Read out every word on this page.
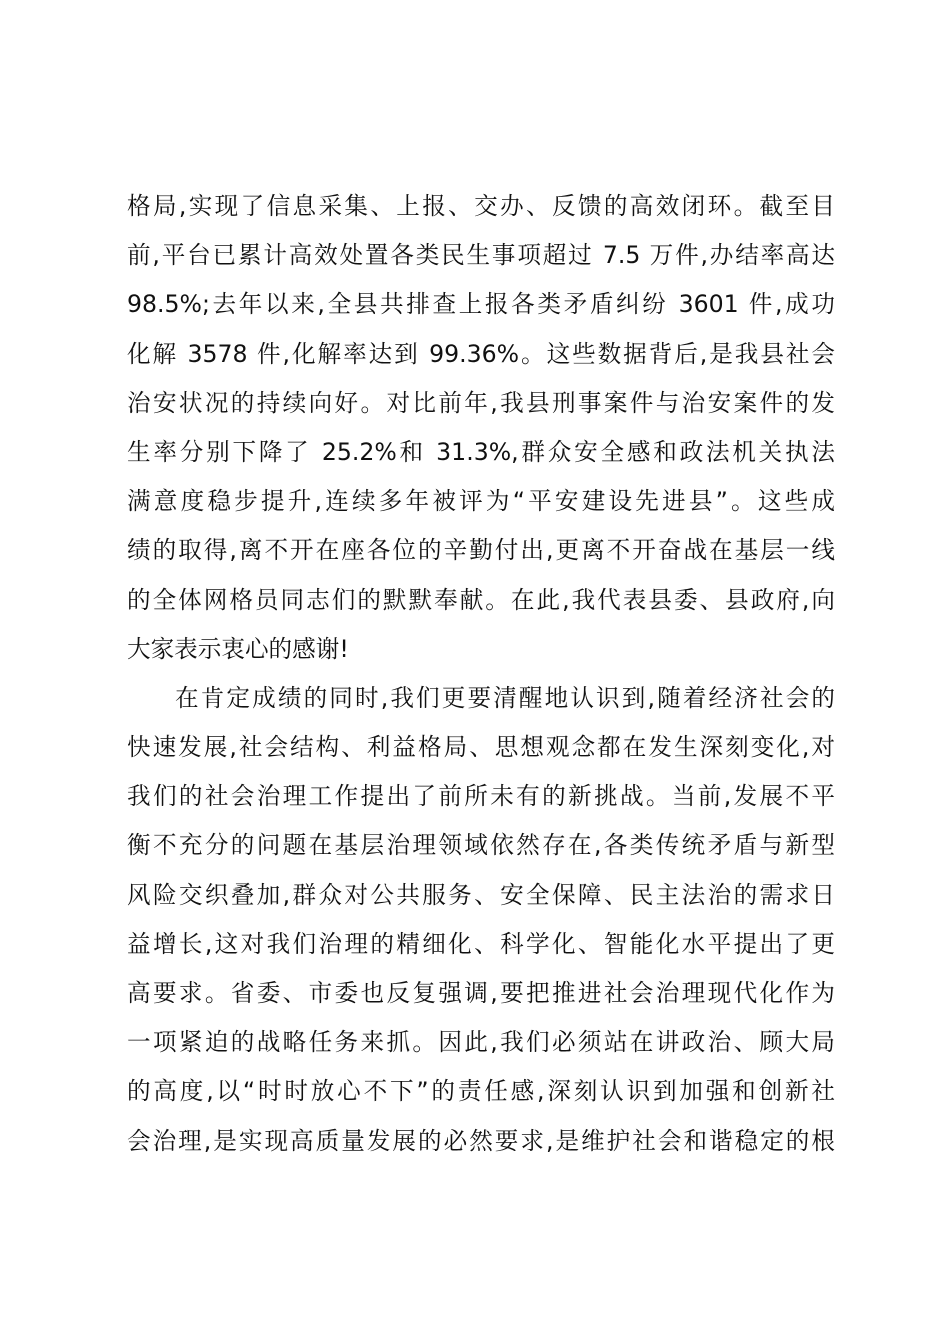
格局,实现了信息采集、上报、交办、反馈的高效闭环。截至目
前,平台已累计高效处置各类民生事项超过 7.5 万件,办结率高达
98.5%;去年以来,全县共排查上报各类矛盾纠纷 3601 件,成功
化解 3578 件,化解率达到 99.36%。这些数据背后,是我县社会
治安状况的持续向好。对比前年,我县刑事案件与治安案件的发
生率分别下降了 25.2%和 31.3%,群众安全感和政法机关执法
满意度稳步提升,连续多年被评为“平安建设先进县”。这些成
绩的取得,离不开在座各位的辛勤付出,更离不开奋战在基层一线
的全体网格员同志们的默默奉献。在此,我代表县委、县政府,向
大家表示衷心的感谢!
在肯定成绩的同时,我们更要清醒地认识到,随着经济社会的
快速发展,社会结构、利益格局、思想观念都在发生深刻变化,对
我们的社会治理工作提出了前所未有的新挑战。当前,发展不平
衡不充分的问题在基层治理领域依然存在,各类传统矛盾与新型
风险交织叠加,群众对公共服务、安全保障、民主法治的需求日
益增长,这对我们治理的精细化、科学化、智能化水平提出了更
高要求。省委、市委也反复强调,要把推进社会治理现代化作为
一项紧迫的战略任务来抓。因此,我们必须站在讲政治、顾大局
的高度,以“时时放心不下”的责任感,深刻认识到加强和创新社
会治理,是实现高质量发展的必然要求,是维护社会和谐稳定的根
